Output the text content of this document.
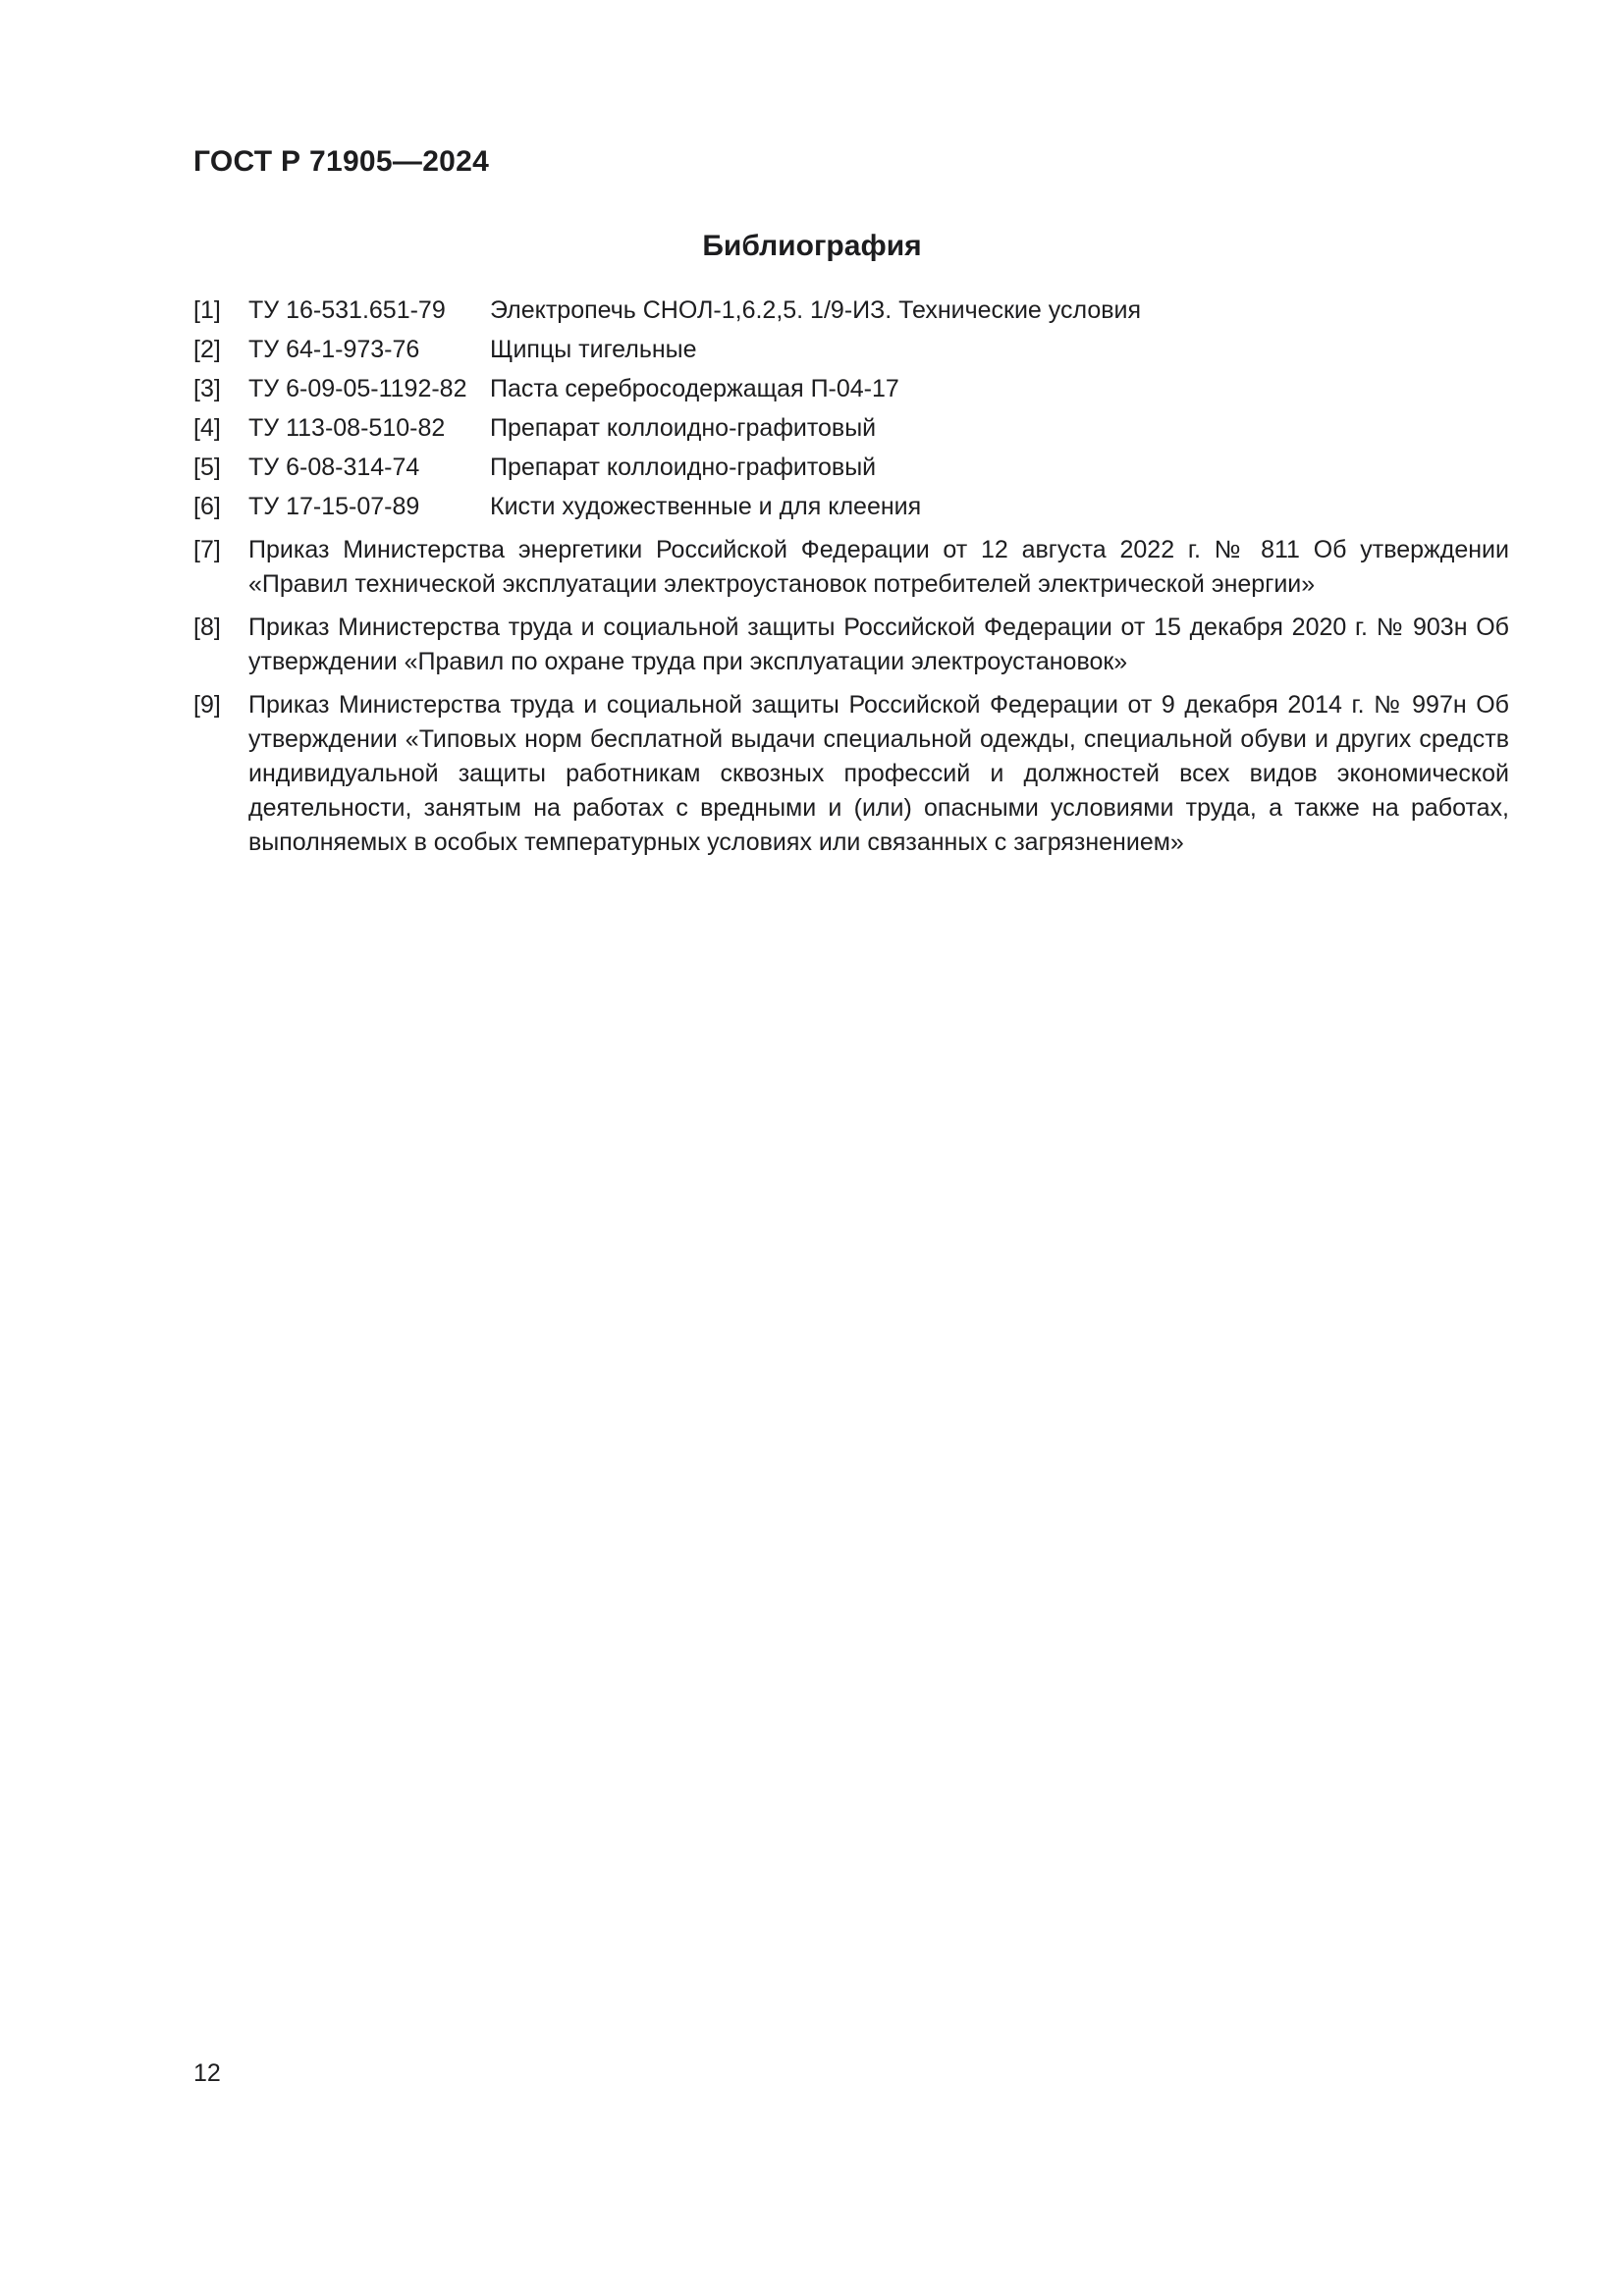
ГОСТ Р 71905—2024
Библиография
[1]	ТУ 16-531.651-79	Электропечь СНОЛ-1,6.2,5. 1/9-ИЗ. Технические условия
[2]	ТУ 64-1-973-76	Щипцы тигельные
[3]	ТУ 6-09-05-1192-82 Паста серебросодержащая П-04-17
[4]	ТУ 113-08-510-82	Препарат коллоидно-графитовый
[5]	ТУ 6-08-314-74	Препарат коллоидно-графитовый
[6]	ТУ 17-15-07-89	Кисти художественные и для клеения
[7]	Приказ Министерства энергетики Российской Федерации от 12 августа 2022 г. № 811 Об утверждении «Правил технической эксплуатации электроустановок потребителей электрической энергии»
[8]	Приказ Министерства труда и социальной защиты Российской Федерации от 15 декабря 2020 г. № 903н Об утверждении «Правил по охране труда при эксплуатации электроустановок»
[9]	Приказ Министерства труда и социальной защиты Российской Федерации от 9 декабря 2014 г. № 997н Об утверждении «Типовых норм бесплатной выдачи специальной одежды, специальной обуви и других средств индивидуальной защиты работникам сквозных профессий и должностей всех видов экономической деятельности, занятым на работах с вредными и (или) опасными условиями труда, а также на работах, выполняемых в особых температурных условиях или связанных с загрязнением»
12
